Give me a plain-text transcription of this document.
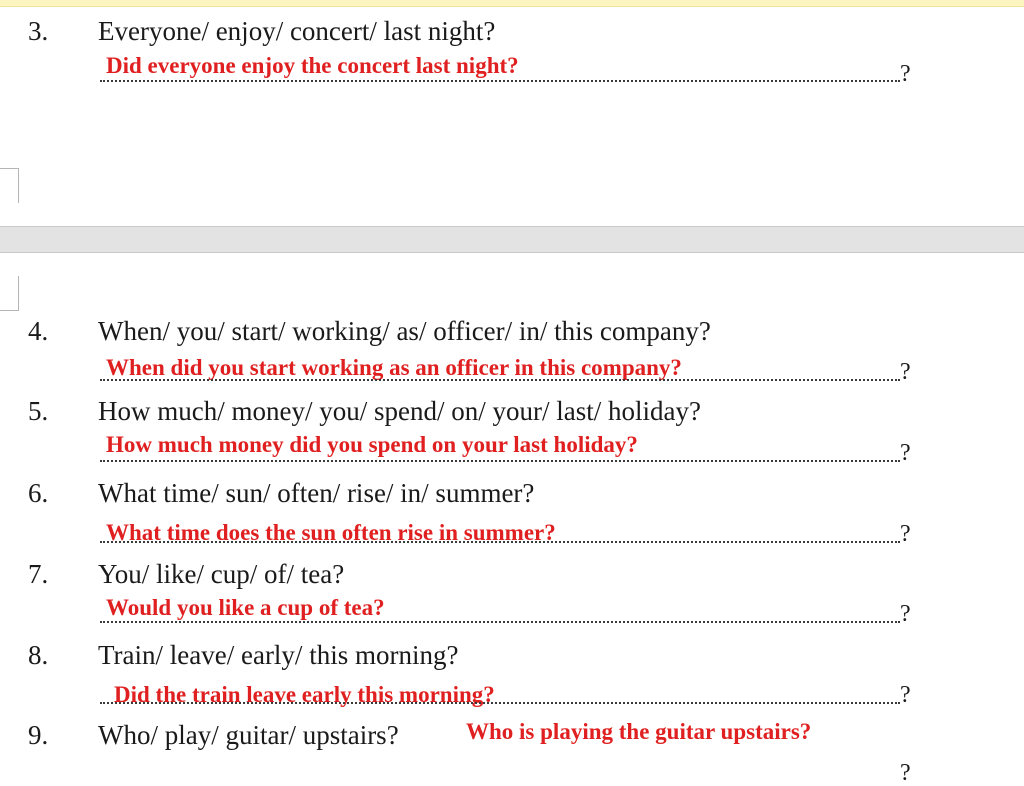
3. Everyone/ enjoy/ concert/ last night?
Did everyone enjoy the concert last night?	?
4. When/ you/ start/ working/ as/ officer/ in/ this company?
When did you start working as an officer in this company?	?
5. How much/ money/ you/ spend/ on/ your/ last/ holiday?
How much money did you spend on your last holiday?	?
6. What time/ sun/ often/ rise/ in/ summer?
What time does the sun often rise in summer?	?
7. You/ like/ cup/ of/ tea?
Would you like a cup of tea?	?
8. Train/ leave/ early/ this morning?
Did the train leave early this morning?	?
9. Who/ play/ guitar/ upstairs?	Who is playing the guitar upstairs?
?
